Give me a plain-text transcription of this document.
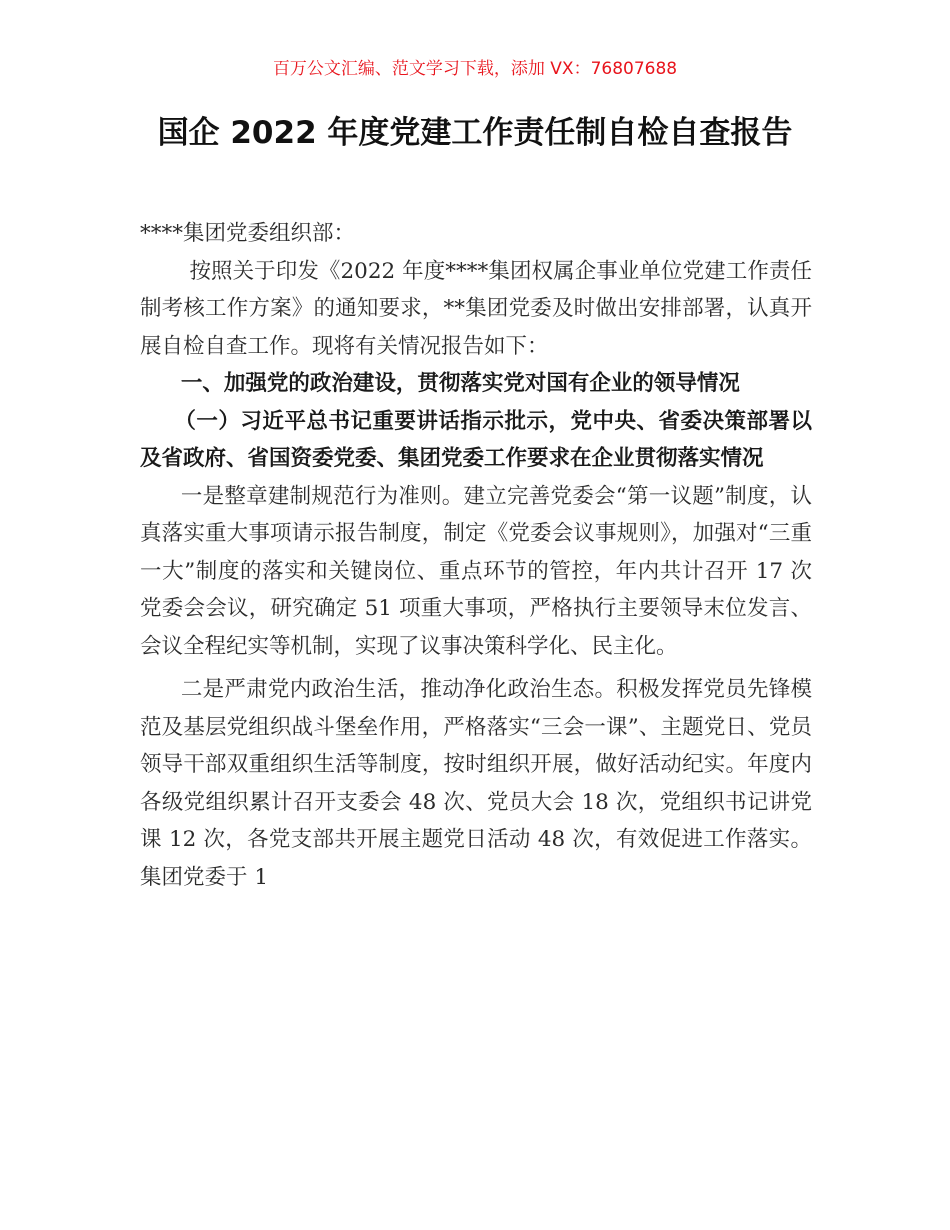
百万公文汇编、范文学习下载，添加 VX：76807688
国企 2022 年度党建工作责任制自检自查报告

****集团党委组织部：

按照关于印发《2022 年度****集团权属企事业单位党建工作责任制考核工作方案》的通知要求，**集团党委及时做出安排部署，认真开展自检自查工作。现将有关情况报告如下：

一、加强党的政治建设，贯彻落实党对国有企业的领导情况

（一）习近平总书记重要讲话指示批示，党中央、省委决策部署以及省政府、省国资委党委、集团党委工作要求在企业贯彻落实情况

一是整章建制规范行为准则。建立完善党委会“第一议题”制度，认真落实重大事项请示报告制度，制定《党委会议事规则》，加强对“三重一大”制度的落实和关键岗位、重点环节的管控，年内共计召开 17 次党委会会议，研究确定 51 项重大事项，严格执行主要领导末位发言、会议全程纪实等机制，实现了议事决策科学化、民主化。

二是严肃党内政治生活，推动净化政治生态。积极发挥党员先锋模范及基层党组织战斗堡垒作用，严格落实“三会一课”、主题党日、党员领导干部双重组织生活等制度，按时组织开展，做好活动纪实。年度内各级党组织累计召开支委会 48 次、党员大会 18 次，党组织书记讲党课 12 次，各党支部共开展主题党日活动 48 次，有效促进工作落实。集团党委于 1
